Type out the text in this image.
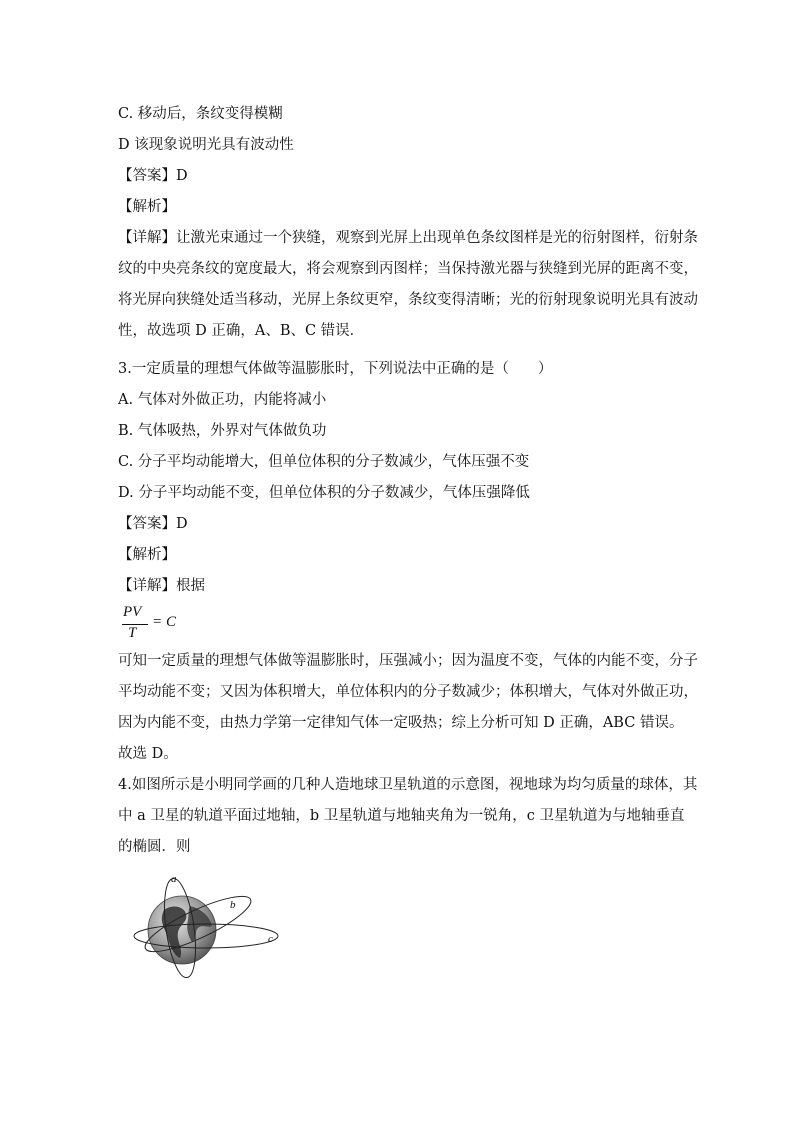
C. 移动后，条纹变得模糊
D 该现象说明光具有波动性
【答案】D
【解析】
【详解】让激光束通过一个狭缝，观察到光屏上出现单色条纹图样是光的衍射图样，衍射条
纹的中央亮条纹的宽度最大，将会观察到丙图样；当保持激光器与狭缝到光屏的距离不变，
将光屏向狭缝处适当移动，光屏上条纹更窄，条纹变得清晰；光的衍射现象说明光具有波动
性，故选项 D 正确，A、B、C 错误．
3.一定质量的理想气体做等温膨胀时，下列说法中正确的是（　　）
A. 气体对外做正功，内能将减小
B. 气体吸热，外界对气体做负功
C. 分子平均动能增大，但单位体积的分子数减少，气体压强不变
D. 分子平均动能不变，但单位体积的分子数减少，气体压强降低
【答案】D
【解析】
【详解】根据
PV
T
= C
可知一定质量的理想气体做等温膨胀时，压强减小；因为温度不变，气体的内能不变，分子
平均动能不变；又因为体积增大，单位体积内的分子数减少；体积增大，气体对外做正功，
因为内能不变，由热力学第一定律知气体一定吸热；综上分析可知 D 正确，ABC 错误。
故选 D。
4.如图所示是小明同学画的几种人造地球卫星轨道的示意图，视地球为均匀质量的球体，其
中 a 卫星的轨道平面过地轴，b 卫星轨道与地轴夹角为一锐角，c 卫星轨道为与地轴垂直
的椭圆．则
a
b
c
